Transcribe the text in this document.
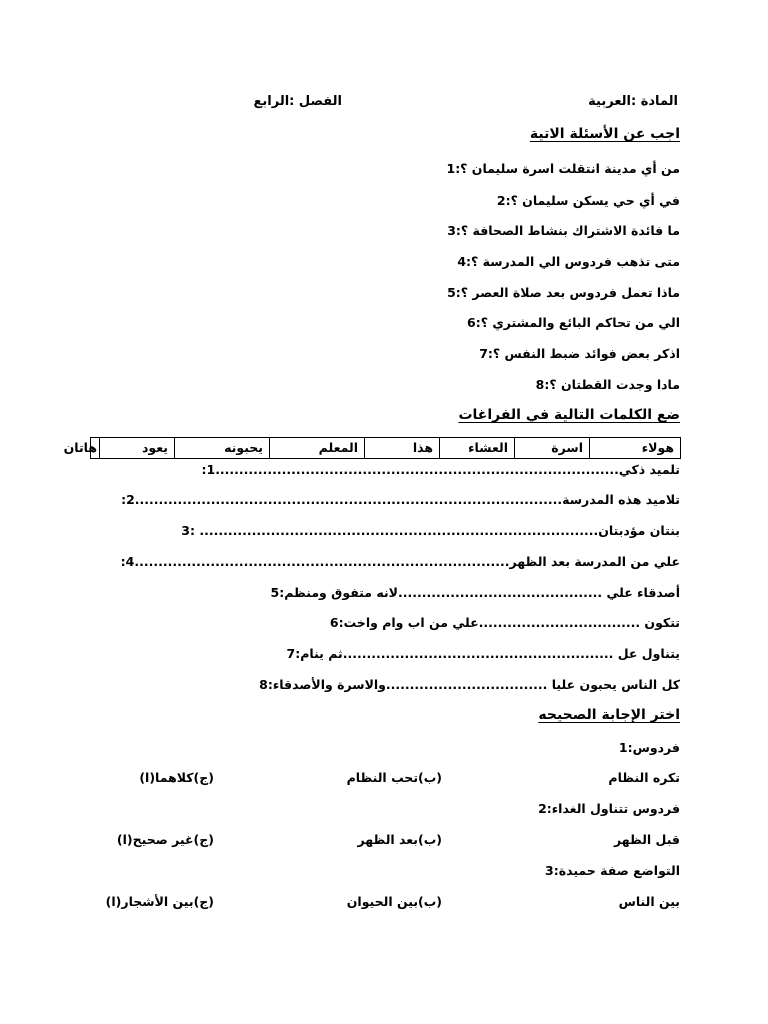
المادة :العربية
الفصل :الرابع
اجب عن الأسئلة الاتية
من أي مدينة انتقلت اسرة سليمان ؟:1
في أي حي يسكن سليمان ؟:2
ما فائدة الاشتراك بنشاط الصحافة ؟:3
متى تذهب فردوس الي المدرسة ؟:4
ماذا تعمل فردوس بعد صلاة العصر ؟:5
الي من تحاكم البائع والمشتري ؟:6
اذكر بعض فوائد ضبط النفس ؟:7
مادا وجدت القطتان ؟:8
ضع الكلمات التالية في الفراغات
هولاء	اسرة	العشاء	هذا	المعلم	يحبونه	يعود	هاتان
تلميد ذكي.....................................................................................1:
تلاميد هذه المدرسة..........................................................................................2:
بنتان مؤدبتان.................................................................................... :3
علي من المدرسة بعد الظهر...............................................................................4:
أصدقاء علي ...........................................لانه متفوق ومنظم:5
تتكون ..................................علي من اب وام واخت:6
يتناول عل .........................................................ثم ينام:7
كل الناس يحبون عليا ..................................والاسرة والأصدقاء:8
اختر الإجابة الصحيحه
فردوس:1
تكره النظام
(ب)تحب النظام
(ج)كلاهما(ا)
فردوس تتناول الغداء:2
قبل الظهر
(ب)بعد الظهر
(ج)غير صحيح(ا)
التواضع صفة حميدة:3
بين الناس
(ب)بين الحيوان
(ج)بين الأشجار(ا)
